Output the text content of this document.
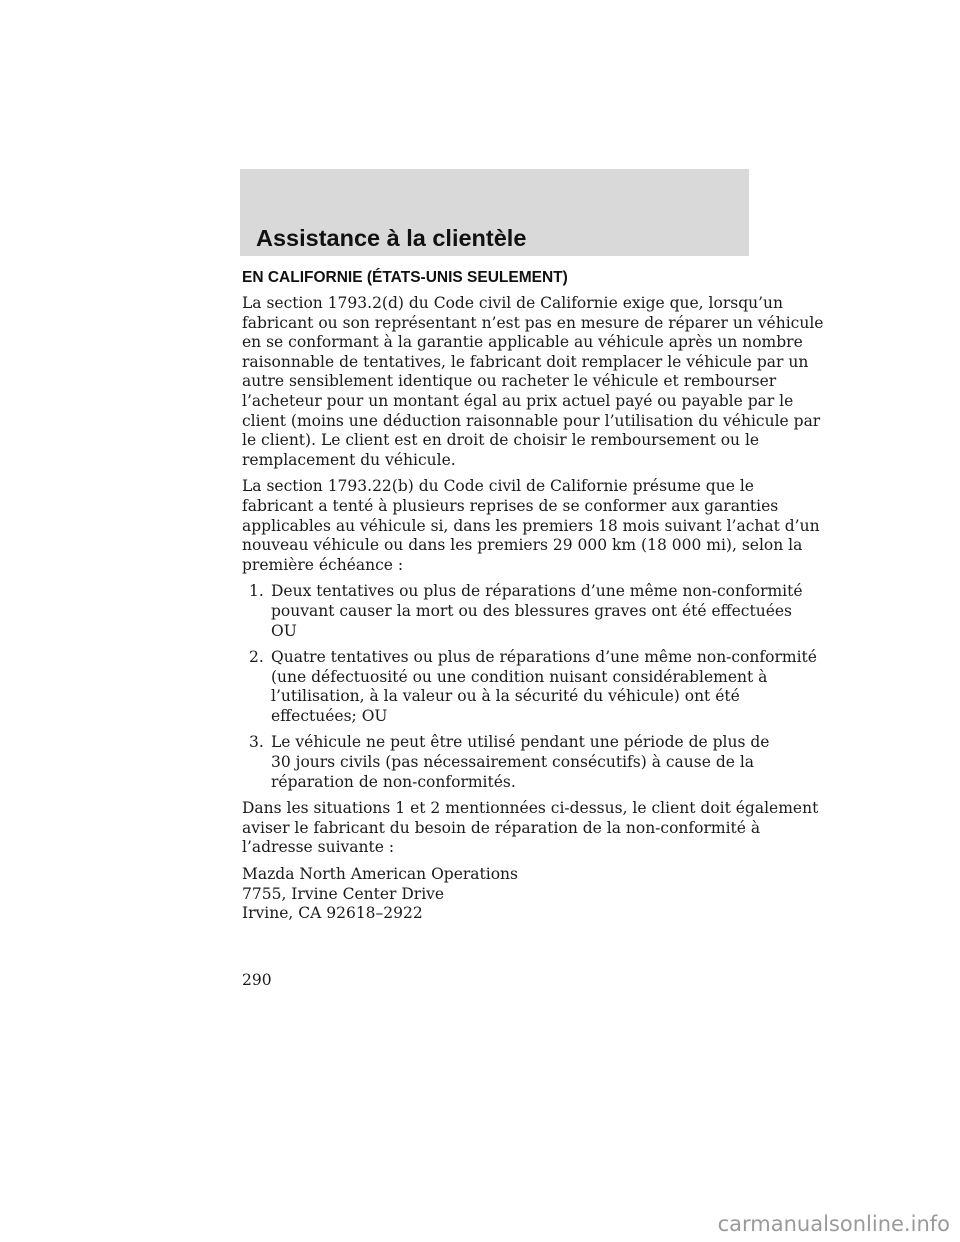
Assistance à la clientèle
EN CALIFORNIE (ÉTATS-UNIS SEULEMENT)

La section 1793.2(d) du Code civil de Californie exige que, lorsqu’un
fabricant ou son représentant n’est pas en mesure de réparer un véhicule
en se conformant à la garantie applicable au véhicule après un nombre
raisonnable de tentatives, le fabricant doit remplacer le véhicule par un
autre sensiblement identique ou racheter le véhicule et rembourser
l’acheteur pour un montant égal au prix actuel payé ou payable par le
client (moins une déduction raisonnable pour l’utilisation du véhicule par
le client). Le client est en droit de choisir le remboursement ou le
remplacement du véhicule.

La section 1793.22(b) du Code civil de Californie présume que le
fabricant a tenté à plusieurs reprises de se conformer aux garanties
applicables au véhicule si, dans les premiers 18 mois suivant l’achat d’un
nouveau véhicule ou dans les premiers 29 000 km (18 000 mi), selon la
première échéance :

1. Deux tentatives ou plus de réparations d’une même non-conformité
pouvant causer la mort ou des blessures graves ont été effectuées
OU
2. Quatre tentatives ou plus de réparations d’une même non-conformité
(une défectuosité ou une condition nuisant considérablement à
l’utilisation, à la valeur ou à la sécurité du véhicule) ont été
effectuées; OU
3. Le véhicule ne peut être utilisé pendant une période de plus de
30 jours civils (pas nécessairement consécutifs) à cause de la
réparation de non-conformités.

Dans les situations 1 et 2 mentionnées ci-dessus, le client doit également
aviser le fabricant du besoin de réparation de la non-conformité à
l’adresse suivante :

Mazda North American Operations
7755, Irvine Center Drive
Irvine, CA 92618–2922

290
carmanualsonline.info
